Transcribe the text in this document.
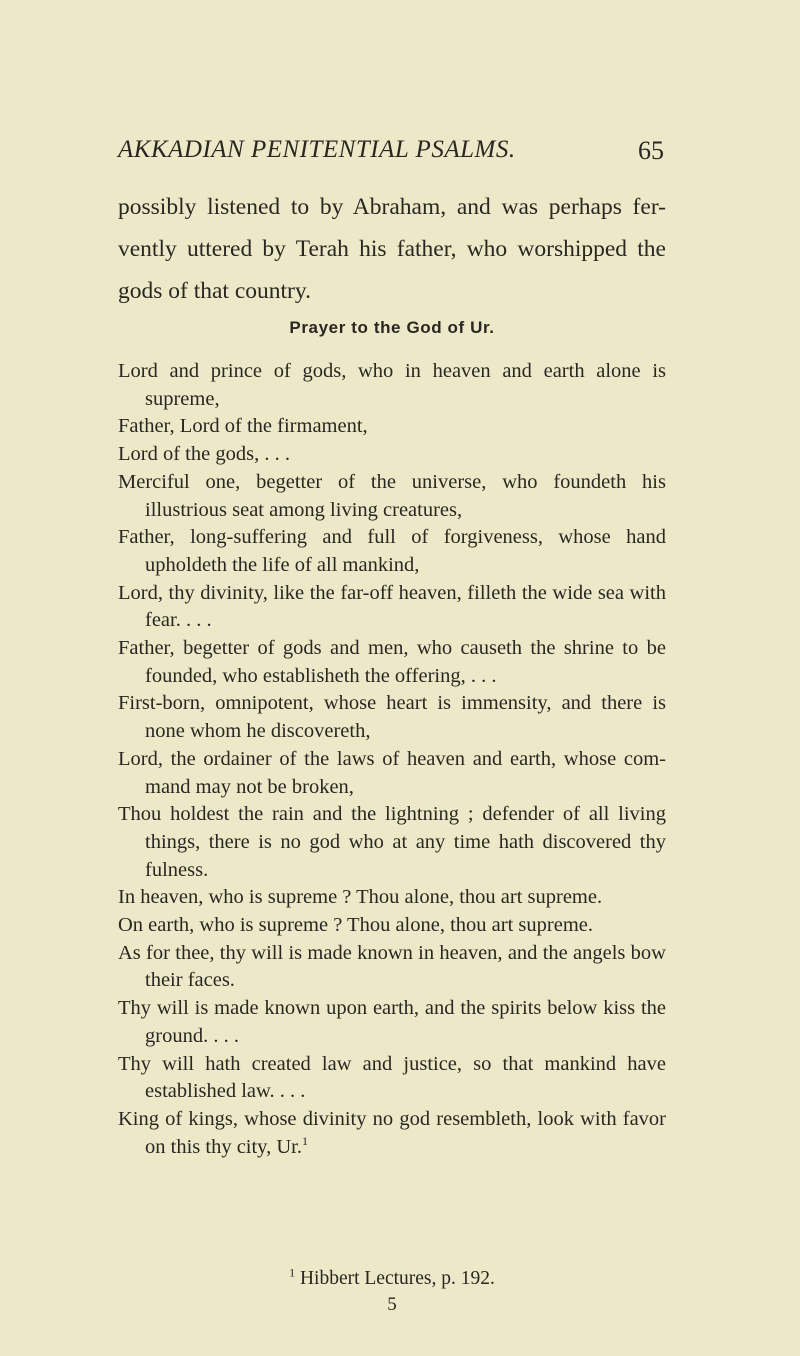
AKKADIAN PENITENTIAL PSALMS.	65
possibly listened to by Abraham, and was perhaps fer-vently uttered by Terah his father, who worshipped the gods of that country.
Prayer to the God of Ur.

Lord and prince of gods, who in heaven and earth alone is supreme,

Father, Lord of the firmament,

Lord of the gods, . . .

Merciful one, begetter of the universe, who foundeth his illustrious seat among living creatures,

Father, long-suffering and full of forgiveness, whose hand upholdeth the life of all mankind,

Lord, thy divinity, like the far-off heaven, filleth the wide sea with fear. . . .

Father, begetter of gods and men, who causeth the shrine to be founded, who establisheth the offering, . . .

First-born, omnipotent, whose heart is immensity, and there is none whom he discovereth,

Lord, the ordainer of the laws of heaven and earth, whose com-mand may not be broken,

Thou holdest the rain and the lightning ; defender of all living things, there is no god who at any time hath discovered thy fulness.

In heaven, who is supreme ? Thou alone, thou art supreme.

On earth, who is supreme ? Thou alone, thou art supreme.

As for thee, thy will is made known in heaven, and the angels bow their faces.

Thy will is made known upon earth, and the spirits below kiss the ground. . . .

Thy will hath created law and justice, so that mankind have established law. . . .

King of kings, whose divinity no god resembleth, look with favor on this thy city, Ur.$^1$

$^1$ Hibbert Lectures, p. 192.
5
